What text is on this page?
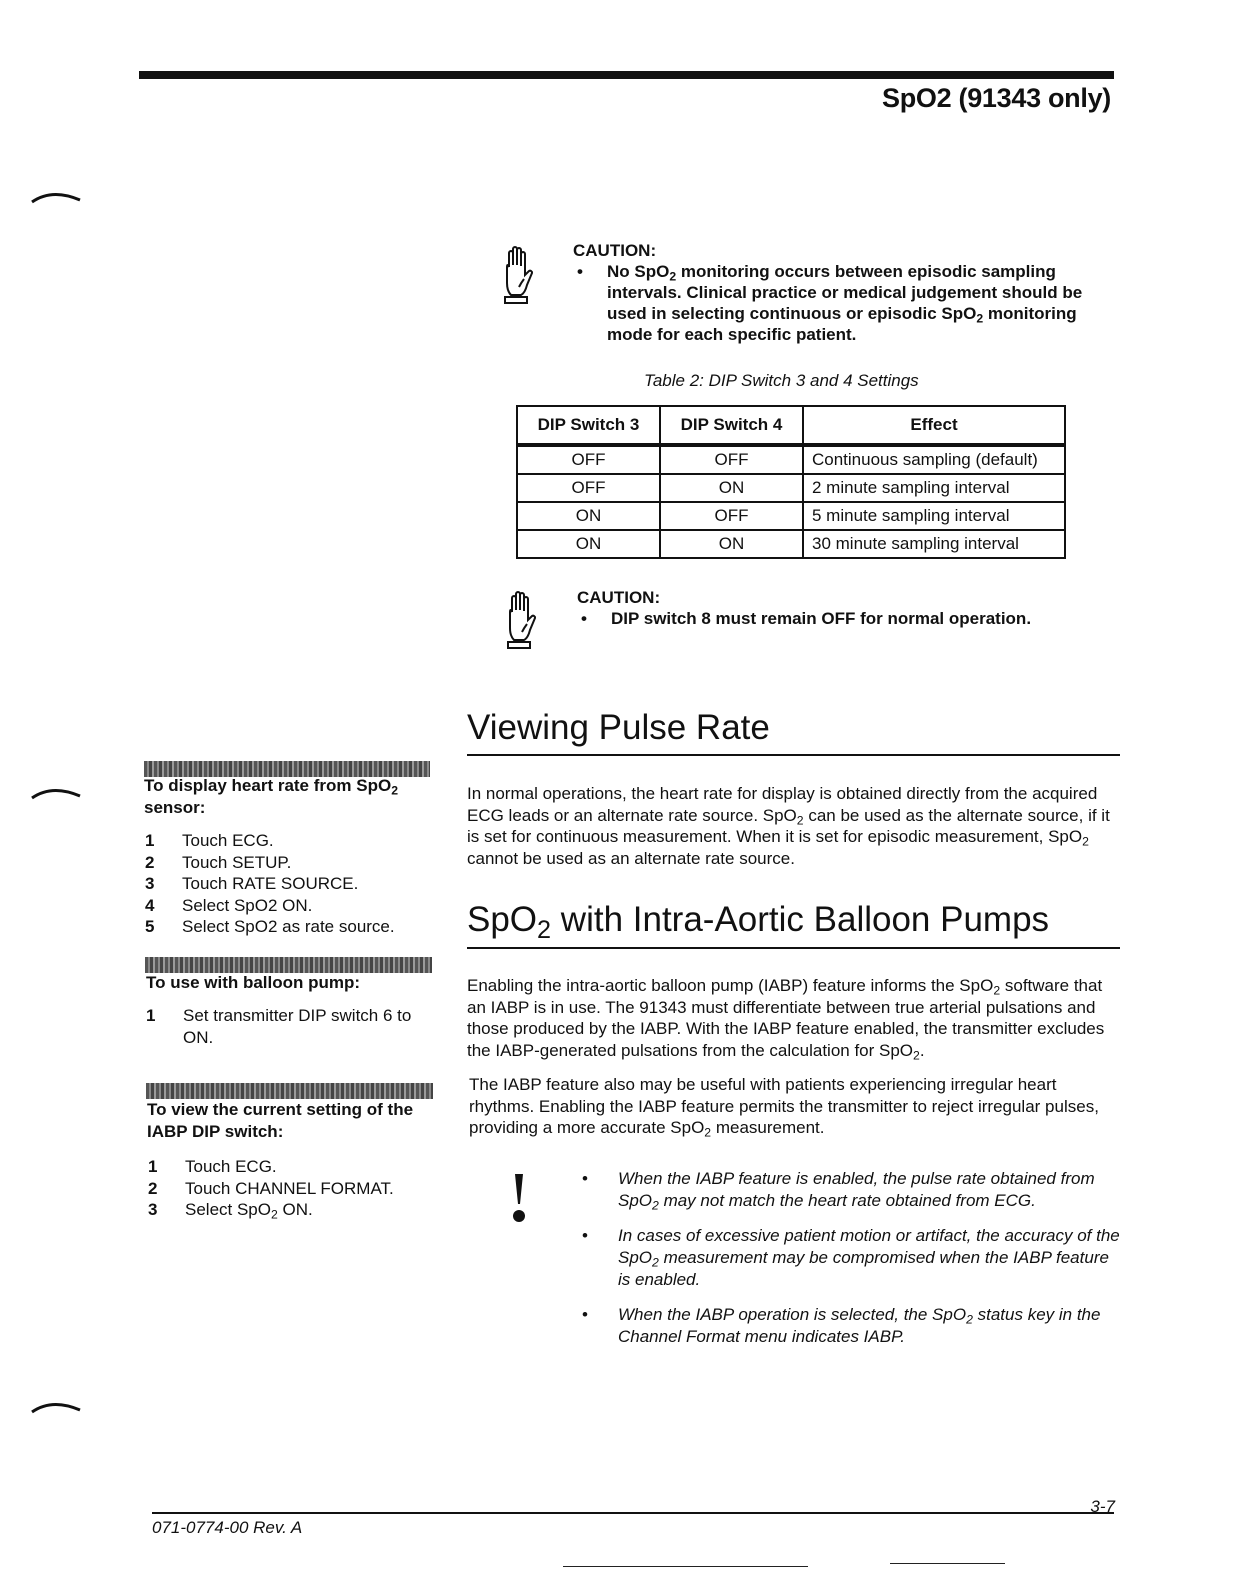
SpO2 (91343 only)

CAUTION:

• No SpO$_2$ monitoring occurs between episodic sampling intervals. Clinical practice or medical judgement should be used in selecting continuous or episodic SpO$_2$ monitoring mode for each specific patient.

Table 2: DIP Switch 3 and 4 Settings

DIP Switch 3	DIP Switch 4	Effect
OFF	OFF	Continuous sampling (default)
OFF	ON	2 minute sampling interval
ON	OFF	5 minute sampling interval
ON	ON	30 minute sampling interval

CAUTION:

• DIP switch 8 must remain OFF for normal operation.
Viewing Pulse Rate

In normal operations, the heart rate for display is obtained directly from the acquired ECG leads or an alternate rate source. SpO$_2$ can be used as the alternate source, if it is set for continuous measurement. When it is set for episodic measurement, SpO$_2$ cannot be used as an alternate rate source.

SpO$_2$ with Intra-Aortic Balloon Pumps

Enabling the intra-aortic balloon pump (IABP) feature informs the SpO$_2$ software that an IABP is in use. The 91343 must differentiate between true arterial pulsations and those produced by the IABP. With the IABP feature enabled, the transmitter excludes the IABP-generated pulsations from the calculation for SpO$_2$.

The IABP feature also may be useful with patients experiencing irregular heart rhythms. Enabling the IABP feature permits the transmitter to reject irregular pulses, providing a more accurate SpO$_2$ measurement.

• When the IABP feature is enabled, the pulse rate obtained from SpO$_2$ may not match the heart rate obtained from ECG.
• In cases of excessive patient motion or artifact, the accuracy of the SpO$_2$ measurement may be compromised when the IABP feature is enabled.
• When the IABP operation is selected, the SpO$_2$ status key in the Channel Format menu indicates IABP.

To display heart rate from SpO$_2$ sensor:

1 Touch ECG.
2 Touch SETUP.
3 Touch RATE SOURCE.
4 Select SpO2 ON.
5 Select SpO2 as rate source.

To use with balloon pump:

1 Set transmitter DIP switch 6 to ON.

To view the current setting of the IABP DIP switch:

1 Touch ECG.
2 Touch CHANNEL FORMAT.
3 Select SpO$_2$ ON.

071-0774-00 Rev. A

3-7
